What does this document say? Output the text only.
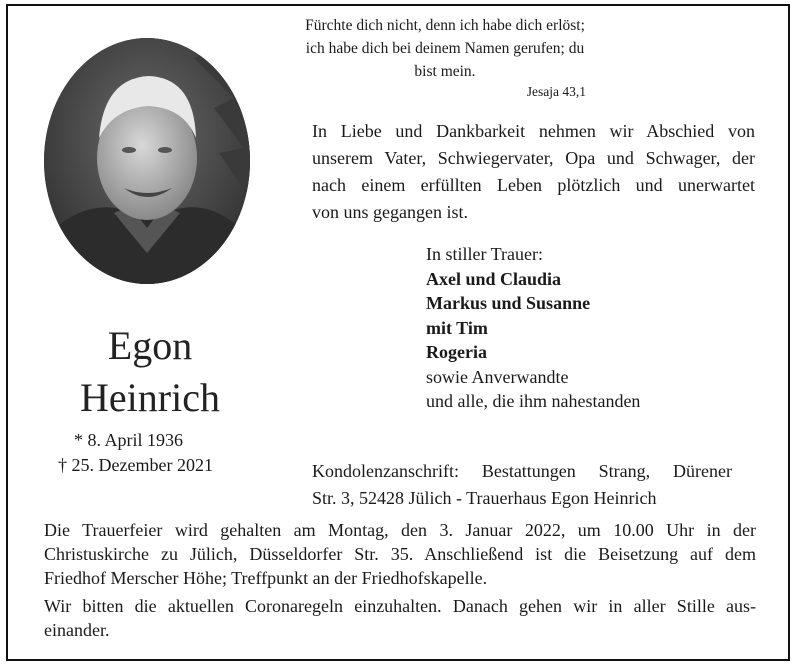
Fürchte dich nicht, denn ich habe dich erlöst;
ich habe dich bei deinem Namen gerufen; du bist mein.
Jesaja 43,1
Egon
Heinrich
* 8. April 1936
† 25. Dezember 2021
In Liebe und Dankbarkeit nehmen wir Abschied von
unserem Vater, Schwiegervater, Opa und Schwager, der
nach einem erfüllten Leben plötzlich und unerwartet
von uns gegangen ist.
In stiller Trauer:
Axel und Claudia
Markus und Susanne
mit Tim
Rogeria
sowie Anverwandte
und alle, die ihm nahestanden
Kondolenzanschrift: Bestattungen Strang, Dürener
Str. 3, 52428 Jülich - Trauerhaus Egon Heinrich
Die Trauerfeier wird gehalten am Montag, den 3. Januar 2022, um 10.00 Uhr in der
Christuskirche zu Jülich, Düsseldorfer Str. 35. Anschließend ist die Beisetzung auf dem
Friedhof Merscher Höhe; Treffpunkt an der Friedhofskapelle.
Wir bitten die aktuellen Coronaregeln einzuhalten. Danach gehen wir in aller Stille aus-
einander.
